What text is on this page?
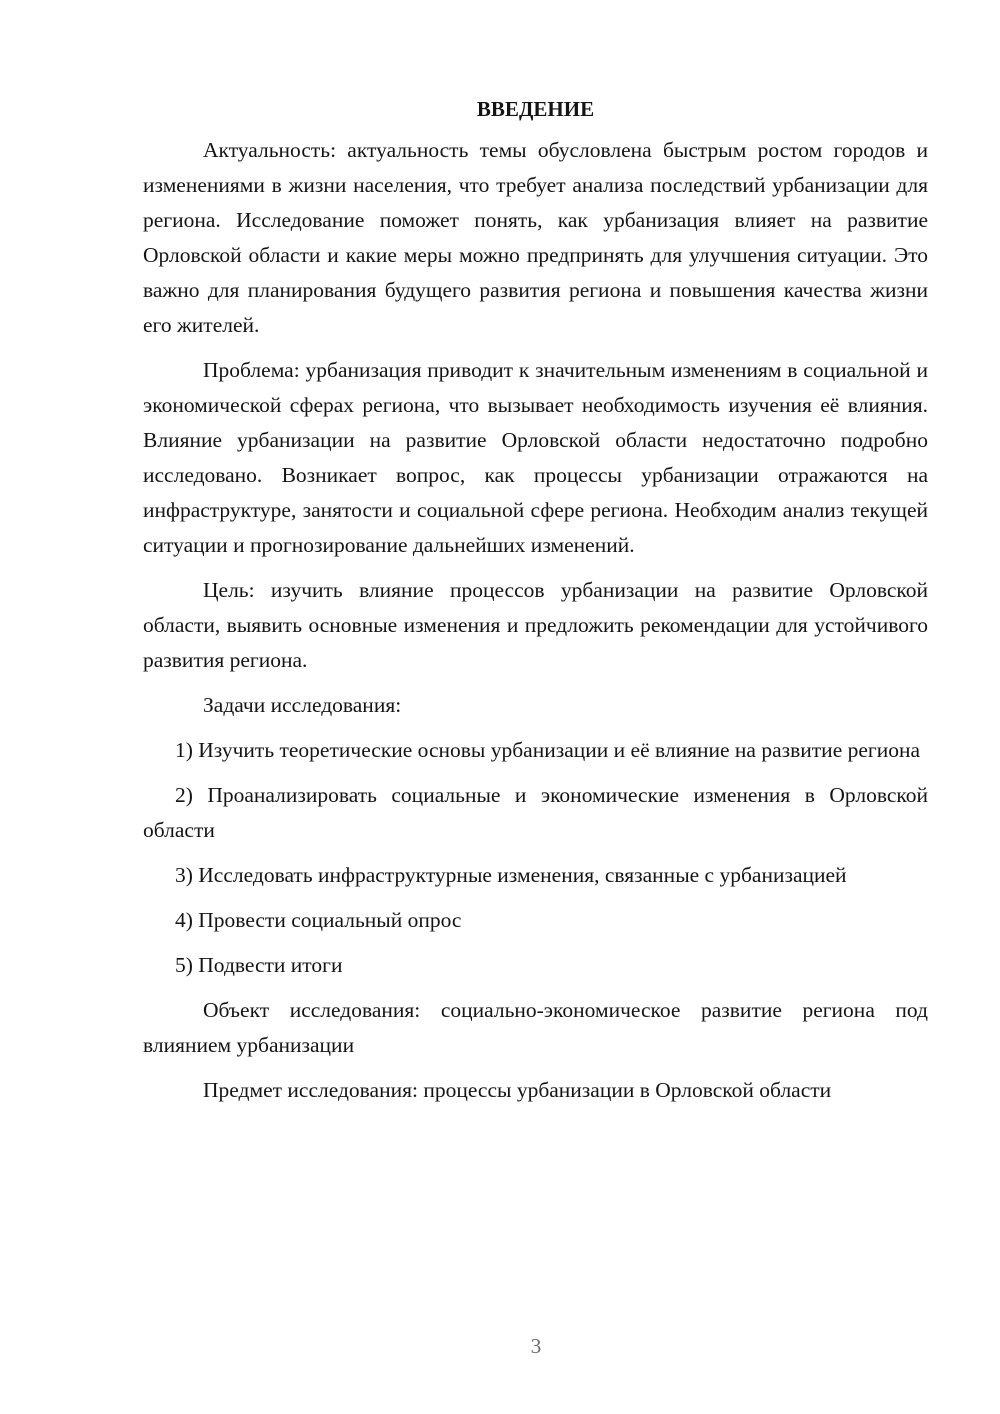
ВВЕДЕНИЕ

Актуальность: актуальность темы обусловлена быстрым ростом городов и изменениями в жизни населения, что требует анализа последствий урбанизации для региона. Исследование поможет понять, как урбанизация влияет на развитие Орловской области и какие меры можно предпринять для улучшения ситуации. Это важно для планирования будущего развития региона и повышения качества жизни его жителей.

Проблема: урбанизация приводит к значительным изменениям в социальной и экономической сферах региона, что вызывает необходимость изучения её влияния. Влияние урбанизации на развитие Орловской области недостаточно подробно исследовано. Возникает вопрос, как процессы урбанизации отражаются на инфраструктуре, занятости и социальной сфере региона. Необходим анализ текущей ситуации и прогнозирование дальнейших изменений.

Цель: изучить влияние процессов урбанизации на развитие Орловской области, выявить основные изменения и предложить рекомендации для устойчивого развития региона.

Задачи исследования:

1) Изучить теоретические основы урбанизации и её влияние на развитие региона

2) Проанализировать социальные и экономические изменения в Орловской области

3) Исследовать инфраструктурные изменения, связанные с урбанизацией

4) Провести социальный опрос

5) Подвести итоги

Объект исследования: социально-экономическое развитие региона под влиянием урбанизации

Предмет исследования: процессы урбанизации в Орловской области

3
